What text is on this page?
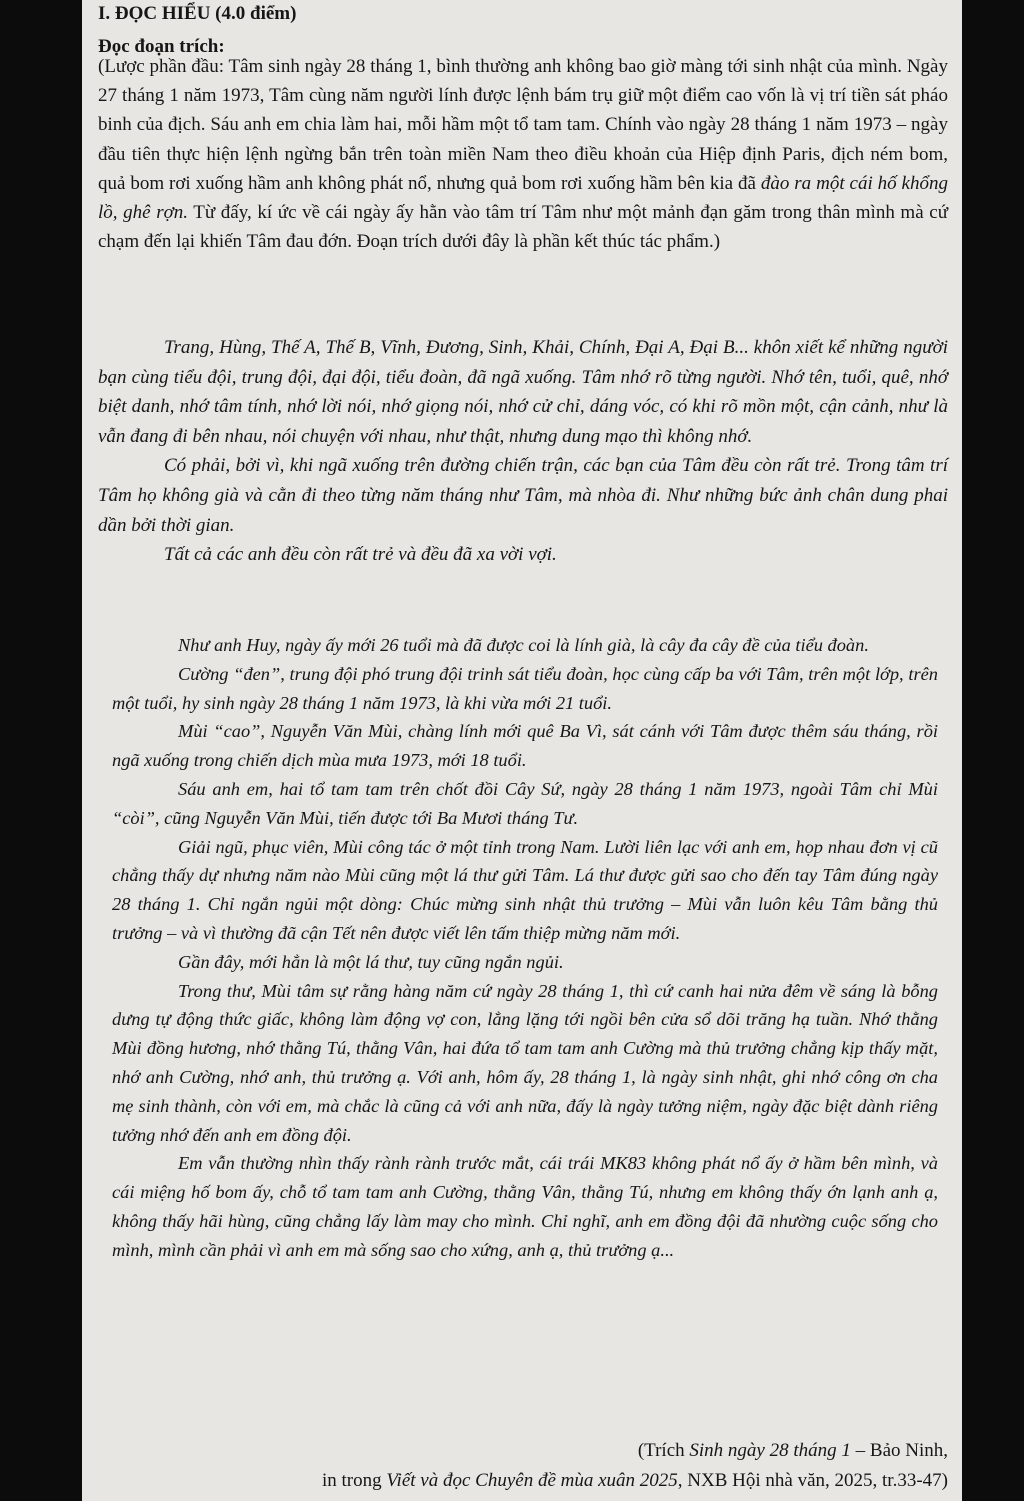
I. ĐỌC HIỂU (4.0 điểm)
Đọc đoạn trích:

(Lược phần đầu: Tâm sinh ngày 28 tháng 1, bình thường anh không bao giờ màng tới sinh nhật của mình. Ngày 27 tháng 1 năm 1973, Tâm cùng năm người lính được lệnh bám trụ giữ một điểm cao vốn là vị trí tiền sát pháo binh của địch. Sáu anh em chia làm hai, mỗi hầm một tổ tam tam. Chính vào ngày 28 tháng 1 năm 1973 – ngày đầu tiên thực hiện lệnh ngừng bắn trên toàn miền Nam theo điều khoản của Hiệp định Paris, địch ném bom, quả bom rơi xuống hầm anh không phát nổ, nhưng quả bom rơi xuống hầm bên kia đã đào ra một cái hố khổng lồ, ghê rợn. Từ đấy, kí ức về cái ngày ấy hằn vào tâm trí Tâm như một mảnh đạn găm trong thân mình mà cứ chạm đến lại khiến Tâm đau đớn. Đoạn trích dưới đây là phần kết thúc tác phẩm.)

Trang, Hùng, Thế A, Thế B, Vĩnh, Đương, Sinh, Khải, Chính, Đại A, Đại B... khôn xiết kể những người bạn cùng tiểu đội, trung đội, đại đội, tiểu đoàn, đã ngã xuống. Tâm nhớ rõ từng người. Nhớ tên, tuổi, quê, nhớ biệt danh, nhớ tâm tính, nhớ lời nói, nhớ giọng nói, nhớ cử chỉ, dáng vóc, có khi rõ mồn một, cận cảnh, như là vẫn đang đi bên nhau, nói chuyện với nhau, như thật, nhưng dung mạo thì không nhớ.

Có phải, bởi vì, khi ngã xuống trên đường chiến trận, các bạn của Tâm đều còn rất trẻ. Trong tâm trí Tâm họ không già và cằn đi theo từng năm tháng như Tâm, mà nhòa đi. Như những bức ảnh chân dung phai dần bởi thời gian.

Tất cả các anh đều còn rất trẻ và đều đã xa vời vợi.

Như anh Huy, ngày ấy mới 26 tuổi mà đã được coi là lính già, là cây đa cây đề của tiểu đoàn.

Cường “đen”, trung đội phó trung đội trinh sát tiểu đoàn, học cùng cấp ba với Tâm, trên một lớp, trên một tuổi, hy sinh ngày 28 tháng 1 năm 1973, là khi vừa mới 21 tuổi.

Mùi “cao”, Nguyễn Văn Mùi, chàng lính mới quê Ba Vì, sát cánh với Tâm được thêm sáu tháng, rồi ngã xuống trong chiến dịch mùa mưa 1973, mới 18 tuổi.

Sáu anh em, hai tổ tam tam trên chốt đồi Cây Sứ, ngày 28 tháng 1 năm 1973, ngoài Tâm chỉ Mùi “còi”, cũng Nguyễn Văn Mùi, tiến được tới Ba Mươi tháng Tư.

Giải ngũ, phục viên, Mùi công tác ở một tỉnh trong Nam. Lười liên lạc với anh em, họp nhau đơn vị cũ chẳng thấy dự nhưng năm nào Mùi cũng một lá thư gửi Tâm. Lá thư được gửi sao cho đến tay Tâm đúng ngày 28 tháng 1. Chỉ ngắn ngủi một dòng: Chúc mừng sinh nhật thủ trưởng – Mùi vẫn luôn kêu Tâm bằng thủ trưởng – và vì thường đã cận Tết nên được viết lên tấm thiệp mừng năm mới.

Gần đây, mới hẳn là một lá thư, tuy cũng ngắn ngủi.

Trong thư, Mùi tâm sự rằng hàng năm cứ ngày 28 tháng 1, thì cứ canh hai nửa đêm về sáng là bỗng dưng tự động thức giấc, không làm động vợ con, lẳng lặng tới ngồi bên cửa sổ dõi trăng hạ tuần. Nhớ thằng Mùi đồng hương, nhớ thằng Tú, thằng Vân, hai đứa tổ tam tam anh Cường mà thủ trưởng chẳng kịp thấy mặt, nhớ anh Cường, nhớ anh, thủ trưởng ạ. Với anh, hôm ấy, 28 tháng 1, là ngày sinh nhật, ghi nhớ công ơn cha mẹ sinh thành, còn với em, mà chắc là cũng cả với anh nữa, đấy là ngày tưởng niệm, ngày đặc biệt dành riêng tưởng nhớ đến anh em đồng đội.

Em vẫn thường nhìn thấy rành rành trước mắt, cái trái MK83 không phát nổ ấy ở hầm bên mình, và cái miệng hố bom ấy, chỗ tổ tam tam anh Cường, thằng Vân, thằng Tú, nhưng em không thấy ớn lạnh anh ạ, không thấy hãi hùng, cũng chẳng lấy làm may cho mình. Chỉ nghĩ, anh em đồng đội đã nhường cuộc sống cho mình, mình cần phải vì anh em mà sống sao cho xứng, anh ạ, thủ trưởng ạ...

(Trích Sinh ngày 28 tháng 1 – Bảo Ninh,

in trong Viết và đọc Chuyên đề mùa xuân 2025, NXB Hội nhà văn, 2025, tr.33-47)
